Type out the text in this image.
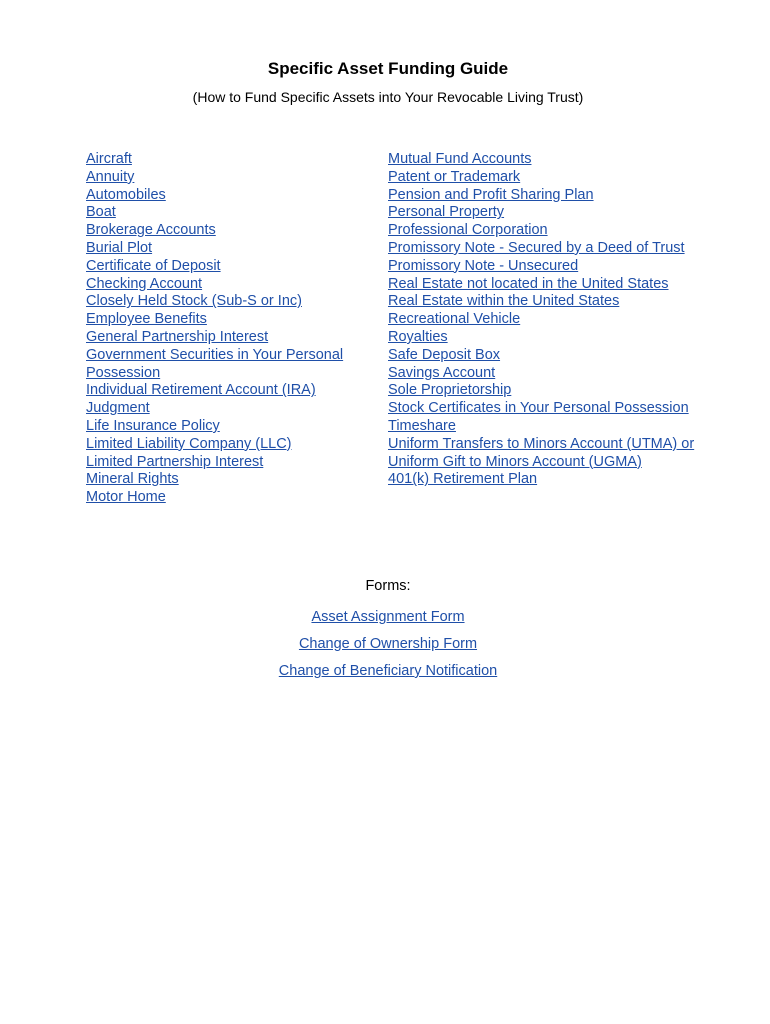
Specific Asset Funding Guide
(How to Fund Specific Assets into Your Revocable Living Trust)
Aircraft
Annuity
Automobiles
Boat
Brokerage Accounts
Burial Plot
Certificate of Deposit
Checking Account
Closely Held Stock (Sub-S or Inc)
Employee Benefits
General Partnership Interest
Government Securities in Your Personal
Possession
Individual Retirement Account (IRA)
Judgment
Life Insurance Policy
Limited Liability Company (LLC)
Limited Partnership Interest
Mineral Rights
Motor Home
Mutual Fund Accounts
Patent or Trademark
Pension and Profit Sharing Plan
Personal Property
Professional Corporation
Promissory Note - Secured by a Deed of Trust
Promissory Note - Unsecured
Real Estate not located in the United States
Real Estate within the United States
Recreational Vehicle
Royalties
Safe Deposit Box
Savings Account
Sole Proprietorship
Stock Certificates in Your Personal Possession
Timeshare
Uniform Transfers to Minors Account (UTMA) or
Uniform Gift to Minors Account (UGMA)
401(k) Retirement Plan
Forms:
Asset Assignment Form
Change of Ownership Form
Change of Beneficiary Notification
